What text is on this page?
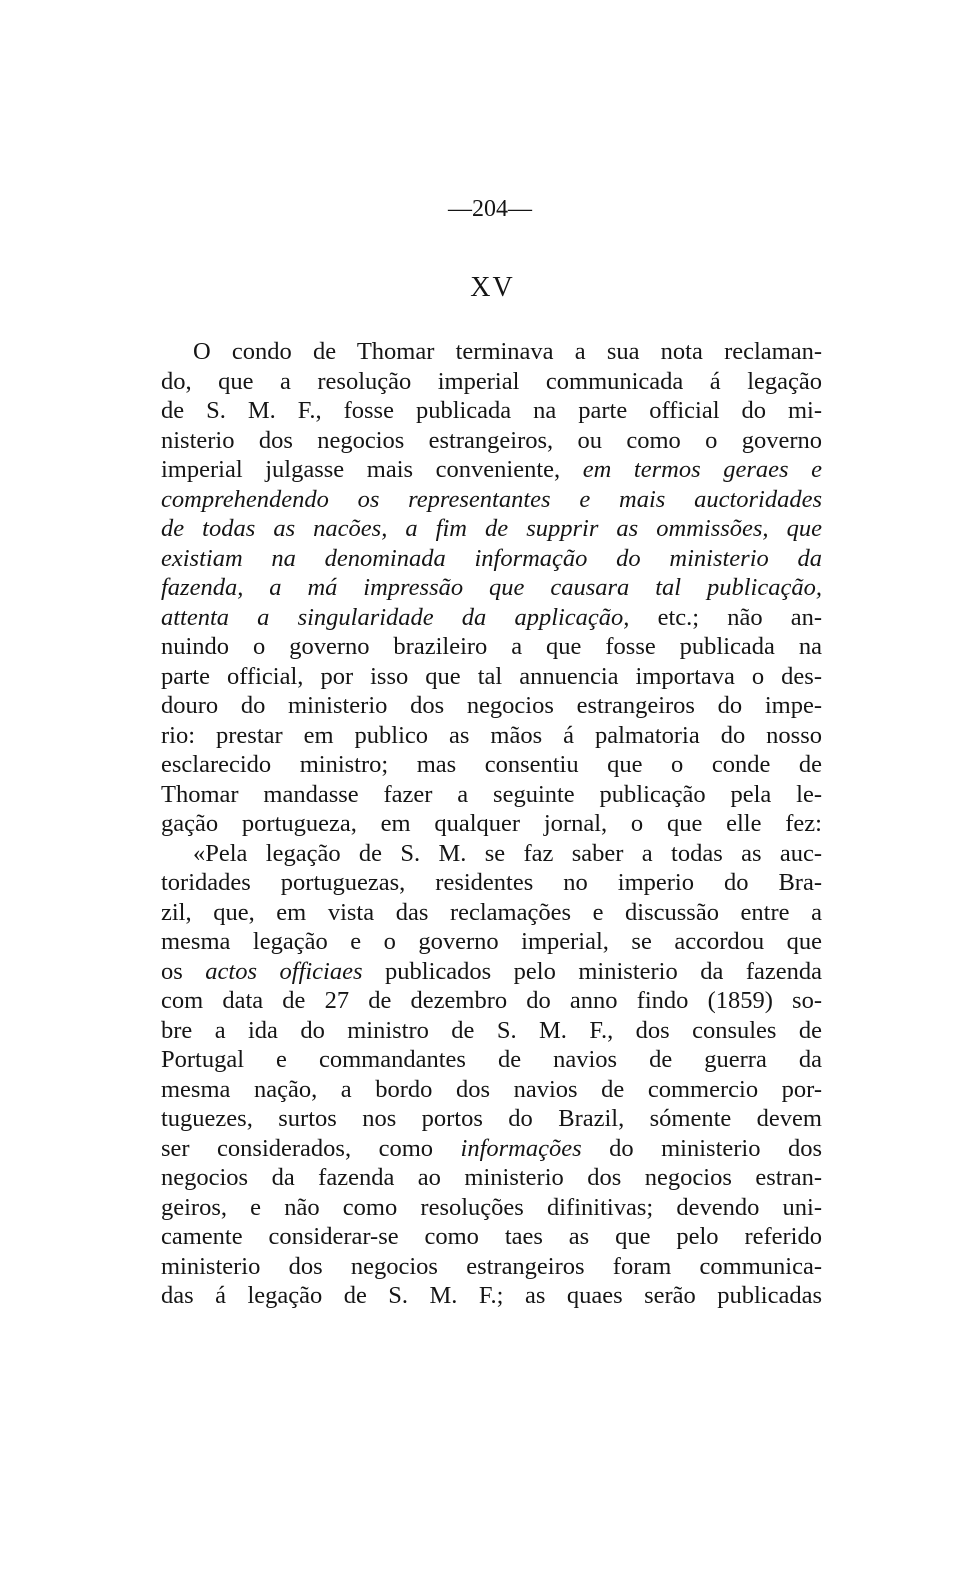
—204—
XV
O condo de Thomar terminava a sua nota reclaman-
do, que a resolução imperial communicada á legação
de S. M. F., fosse publicada na parte official do mi-
nisterio dos negocios estrangeiros, ou como o governo
imperial julgasse mais conveniente, em termos geraes e
comprehendendo os representantes e mais auctoridades
de todas as nacões, a fim de supprir as ommissões, que
existiam na denominada informação do ministerio da
fazenda, a má impressão que causara tal publicação,
attenta a singularidade da applicação, etc.; não an-
nuindo o governo brazileiro a que fosse publicada na
parte official, por isso que tal annuencia importava o des-
douro do ministerio dos negocios estrangeiros do impe-
rio: prestar em publico as mãos á palmatoria do nosso
esclarecido ministro; mas consentiu que o conde de
Thomar mandasse fazer a seguinte publicação pela le-
gação portugueza, em qualquer jornal, o que elle fez:
«Pela legação de S. M. se faz saber a todas as auc-
toridades portuguezas, residentes no imperio do Bra-
zil, que, em vista das reclamações e discussão entre a
mesma legação e o governo imperial, se accordou que
os actos officiaes publicados pelo ministerio da fazenda
com data de 27 de dezembro do anno findo (1859) so-
bre a ida do ministro de S. M. F., dos consules de
Portugal e commandantes de navios de guerra da
mesma nação, a bordo dos navios de commercio por-
tuguezes, surtos nos portos do Brazil, sómente devem
ser considerados, como informações do ministerio dos
negocios da fazenda ao ministerio dos negocios estran-
geiros, e não como resoluções difinitivas; devendo uni-
camente considerar-se como taes as que pelo referido
ministerio dos negocios estrangeiros foram communica-
das á legação de S. M. F.; as quaes serão publicadas
